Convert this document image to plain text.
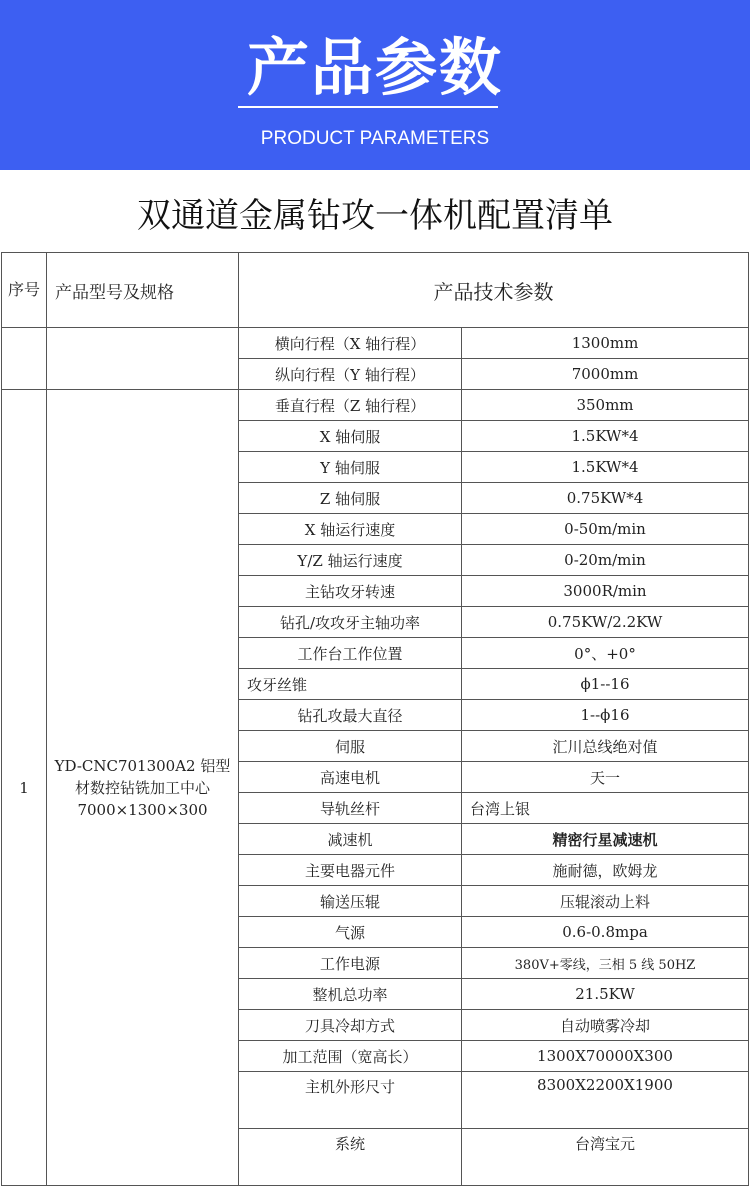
产品参数
PRODUCT PARAMETERS
双通道金属钻攻一体机配置清单
序号	产品型号及规格	产品技术参数	
		横向行程（X 轴行程）	1300mm
		纵向行程（Y 轴行程）	7000mm
1	YD-CNC701300A2 铝型材数控钻铣加工中心 7000×1300×300	垂直行程（Z 轴行程）	350mm
		X 轴伺服	1.5KW*4
		Y 轴伺服	1.5KW*4
		Z 轴伺服	0.75KW*4
		X 轴运行速度	0-50m/min
		Y/Z 轴运行速度	0-20m/min
		主钻攻牙转速	3000R/min
		钻孔/攻攻牙主轴功率	0.75KW/2.2KW
		工作台工作位置	0°、+0°
		攻牙丝锥	ϕ1--16
		钻孔攻最大直径	1--ϕ16
		伺服	汇川总线绝对值
		高速电机	天一
		导轨丝杆	台湾上银
		减速机	精密行星减速机
		主要电器元件	施耐德，欧姆龙
		输送压辊	压辊滚动上料
		气源	0.6-0.8mpa
		工作电源	380V+零线，三相 5 线 50HZ
		整机总功率	21.5KW
		刀具冷却方式	自动喷雾冷却
		加工范围（宽高长）	1300X70000X300
		主机外形尺寸	8300X2200X1900
		系统	台湾宝元
